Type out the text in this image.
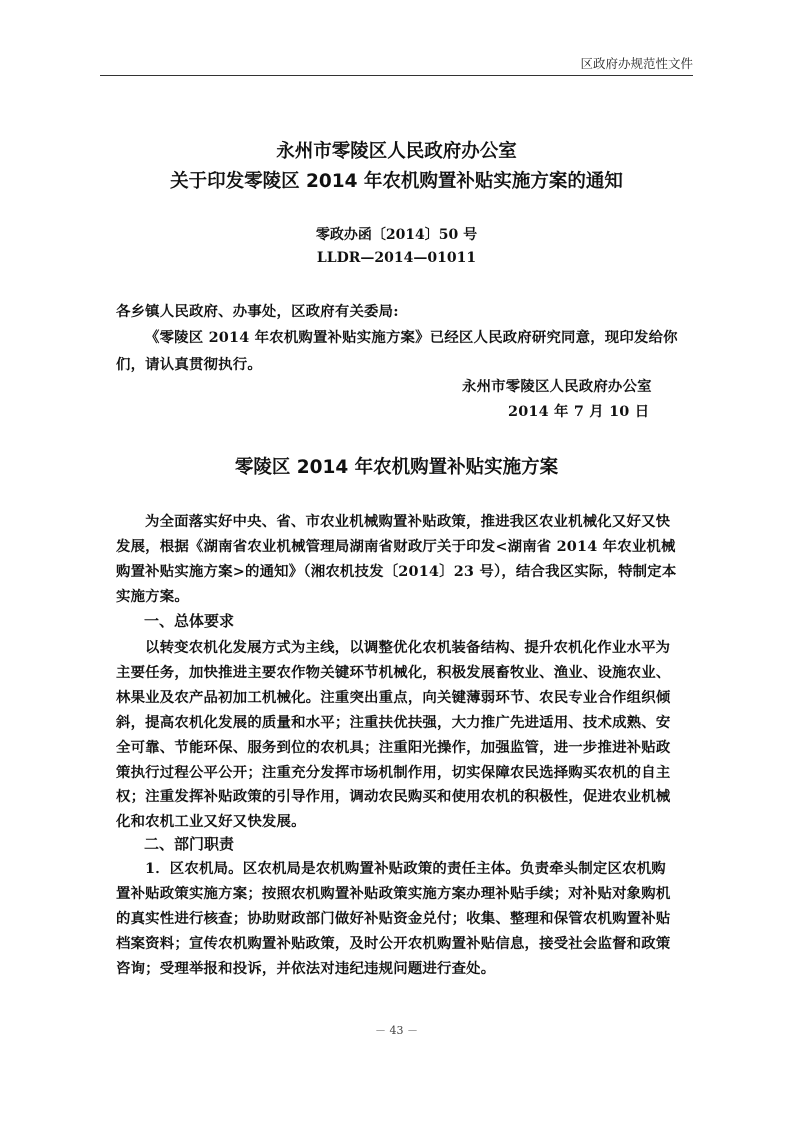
区政府办规范性文件
永州市零陵区人民政府办公室
关于印发零陵区 2014 年农机购置补贴实施方案的通知
零政办函〔2014〕50 号
LLDR—2014—01011
各乡镇人民政府、办事处，区政府有关委局:
《零陵区 2014 年农机购置补贴实施方案》已经区人民政府研究同意，现印发给你们，请认真贯彻执行。
永州市零陵区人民政府办公室
2014 年 7 月 10 日
零陵区 2014 年农机购置补贴实施方案

为全面落实好中央、省、市农业机械购置补贴政策，推进我区农业机械化又好又快发展，根据《湖南省农业机械管理局湖南省财政厅关于印发<湖南省 2014 年农业机械购置补贴实施方案>的通知》（湘农机技发〔2014〕23 号），结合我区实际，特制定本实施方案。

一、总体要求

以转变农机化发展方式为主线，以调整优化农机装备结构、提升农机化作业水平为主要任务，加快推进主要农作物关键环节机械化，积极发展畜牧业、渔业、设施农业、林果业及农产品初加工机械化。注重突出重点，向关键薄弱环节、农民专业合作组织倾斜，提高农机化发展的质量和水平；注重扶优扶强，大力推广先进适用、技术成熟、安全可靠、节能环保、服务到位的农机具；注重阳光操作，加强监管，进一步推进补贴政策执行过程公平公开；注重充分发挥市场机制作用，切实保障农民选择购买农机的自主权；注重发挥补贴政策的引导作用，调动农民购买和使用农机的积极性，促进农业机械化和农机工业又好又快发展。

二、部门职责

1．区农机局。区农机局是农机购置补贴政策的责任主体。负责牵头制定区农机购置补贴政策实施方案；按照农机购置补贴政策实施方案办理补贴手续；对补贴对象购机的真实性进行核查；协助财政部门做好补贴资金兑付；收集、整理和保管农机购置补贴档案资料；宣传农机购置补贴政策，及时公开农机购置补贴信息，接受社会监督和政策咨询；受理举报和投诉，并依法对违纪违规问题进行查处。

－ 43 －
